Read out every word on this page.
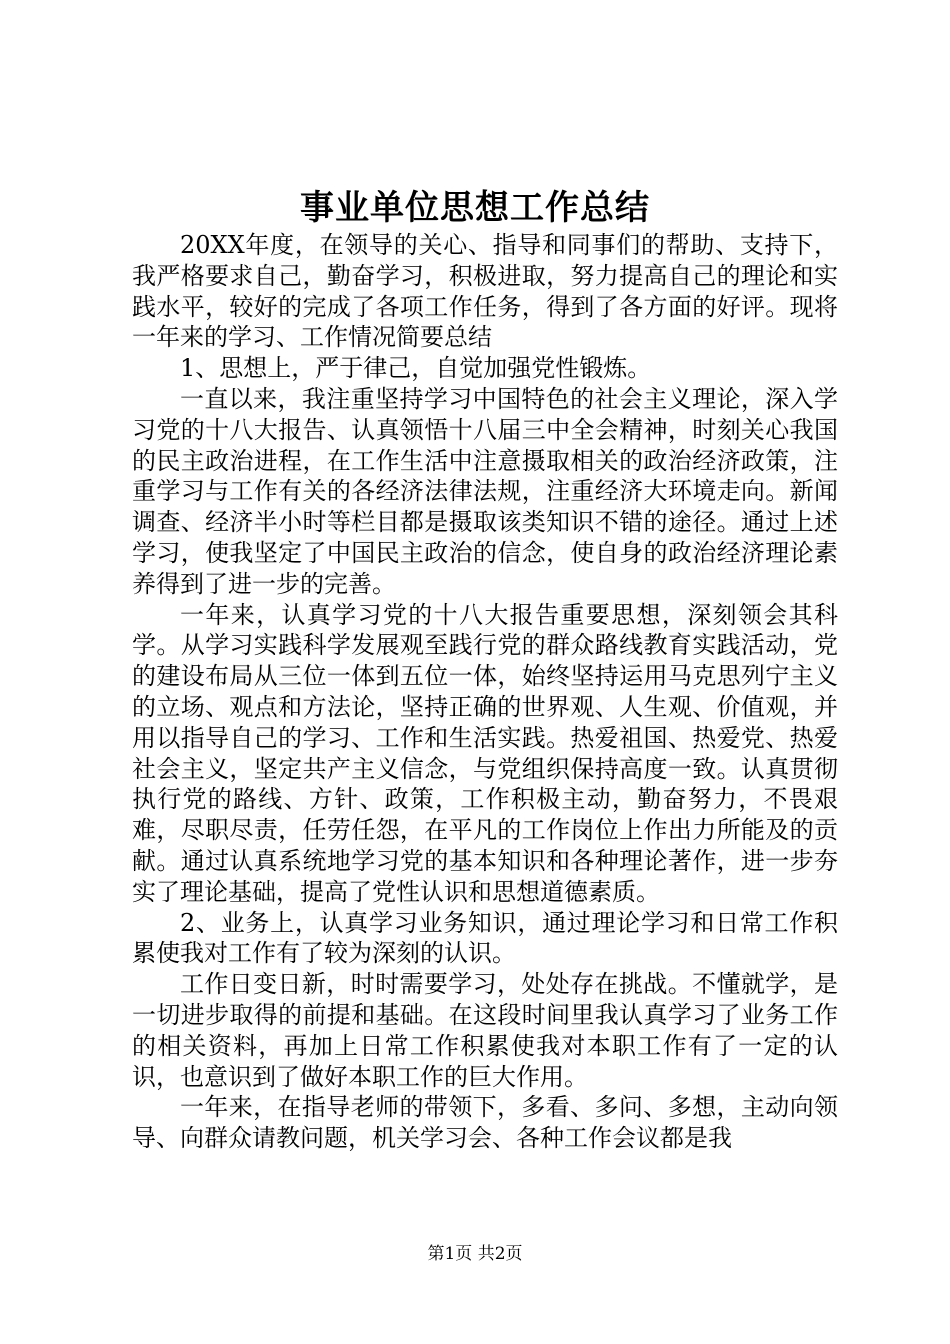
事业单位思想工作总结

20XX年度，在领导的关心、指导和同事们的帮助、支持下，我严格要求自己，勤奋学习，积极进取，努力提高自己的理论和实践水平，较好的完成了各项工作任务，得到了各方面的好评。现将一年来的学习、工作情况简要总结

1、思想上，严于律己，自觉加强党性锻炼。

一直以来，我注重坚持学习中国特色的社会主义理论，深入学习党的十八大报告、认真领悟十八届三中全会精神，时刻关心我国的民主政治进程，在工作生活中注意摄取相关的政治经济政策，注重学习与工作有关的各经济法律法规，注重经济大环境走向。新闻调查、经济半小时等栏目都是摄取该类知识不错的途径。通过上述学习，使我坚定了中国民主政治的信念，使自身的政治经济理论素养得到了进一步的完善。

一年来，认真学习党的十八大报告重要思想，深刻领会其科学。从学习实践科学发展观至践行党的群众路线教育实践活动，党的建设布局从三位一体到五位一体，始终坚持运用马克思列宁主义的立场、观点和方法论，坚持正确的世界观、人生观、价值观，并用以指导自己的学习、工作和生活实践。热爱祖国、热爱党、热爱社会主义，坚定共产主义信念，与党组织保持高度一致。认真贯彻执行党的路线、方针、政策，工作积极主动，勤奋努力，不畏艰难，尽职尽责，任劳任怨，在平凡的工作岗位上作出力所能及的贡献。通过认真系统地学习党的基本知识和各种理论著作，进一步夯实了理论基础，提高了党性认识和思想道德素质。

2、业务上，认真学习业务知识，通过理论学习和日常工作积累使我对工作有了较为深刻的认识。

工作日变日新，时时需要学习，处处存在挑战。不懂就学，是一切进步取得的前提和基础。在这段时间里我认真学习了业务工作的相关资料，再加上日常工作积累使我对本职工作有了一定的认识，也意识到了做好本职工作的巨大作用。

一年来，在指导老师的带领下，多看、多问、多想，主动向领导、向群众请教问题，机关学习会、各种工作会议都是我

第1页 共2页
